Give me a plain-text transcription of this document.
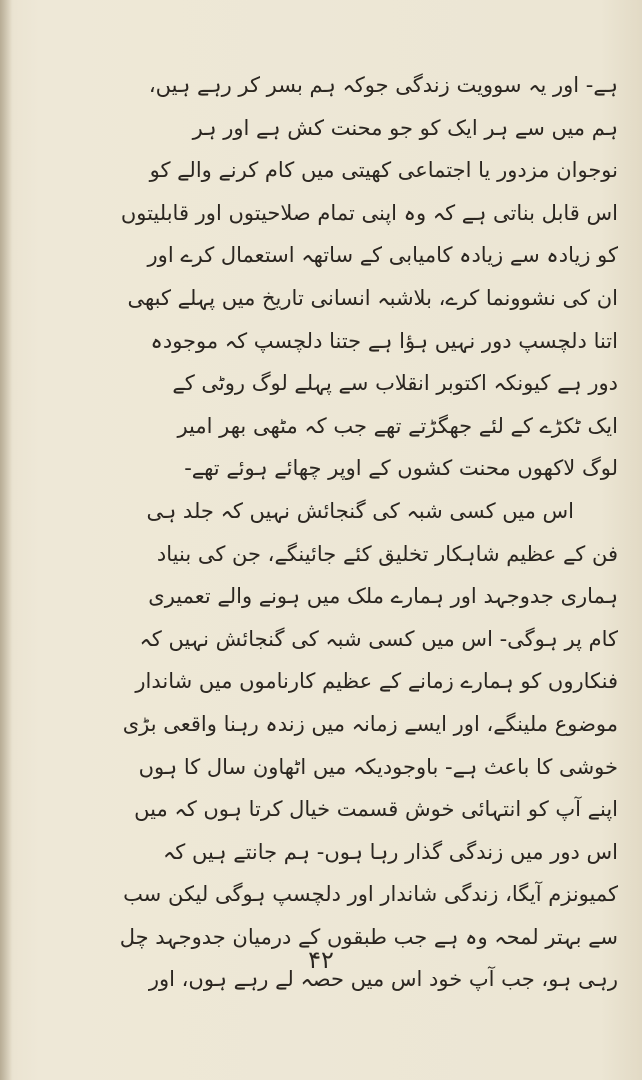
ہے- اور یہ سوویت زندگی جوکہ ہم بسر کر رہے ہیں،
ہم میں سے ہر ایک کو جو محنت کش ہے اور ہر
نوجوان مزدور یا اجتماعی کھیتی میں کام کرنے والے کو
اس قابل بناتی ہے کہ وہ اپنی تمام صلاحیتوں اور قابلیتوں
کو زیادہ سے زیادہ کامیابی کے ساتھہ استعمال کرے اور
ان کی نشوونما کرے، بلاشبہ انسانی تاریخ میں پہلے کبھی
اتنا دلچسپ دور نہیں ہؤا ہے جتنا دلچسپ کہ موجودہ
دور ہے کیونکہ اکتوبر انقلاب سے پہلے لوگ روٹی کے
ایک ٹکڑے کے لئے جھگڑتے تھے جب کہ مٹھی بھر امیر
لوگ لاکھوں محنت کشوں کے اوپر چھائے ہوئے تھے-
اس میں کسی شبہ کی گنجائش نہیں کہ جلد ہی
فن کے عظیم شاہکار تخلیق کئے جائینگے، جن کی بنیاد
ہماری جدوجہد اور ہمارے ملک میں ہونے والے تعمیری
کام پر ہوگی- اس میں کسی شبہ کی گنجائش نہیں کہ
فنکاروں کو ہمارے زمانے کے عظیم کارناموں میں شاندار
موضوع ملینگے، اور ایسے زمانہ میں زندہ رہنا واقعی بڑی
خوشی کا باعث ہے- باوجودیکہ میں اٹھاون سال کا ہوں
اپنے آپ کو انتہائی خوش قسمت خیال کرتا ہوں کہ میں
اس دور میں زندگی گذار رہا ہوں- ہم جانتے ہیں کہ
کمیونزم آیگا، زندگی شاندار اور دلچسپ ہوگی لیکن سب
سے بہتر لمحہ وہ ہے جب طبقوں کے درمیان جدوجہد چل
رہی ہو، جب آپ خود اس میں حصہ لے رہے ہوں، اور
۴۲
